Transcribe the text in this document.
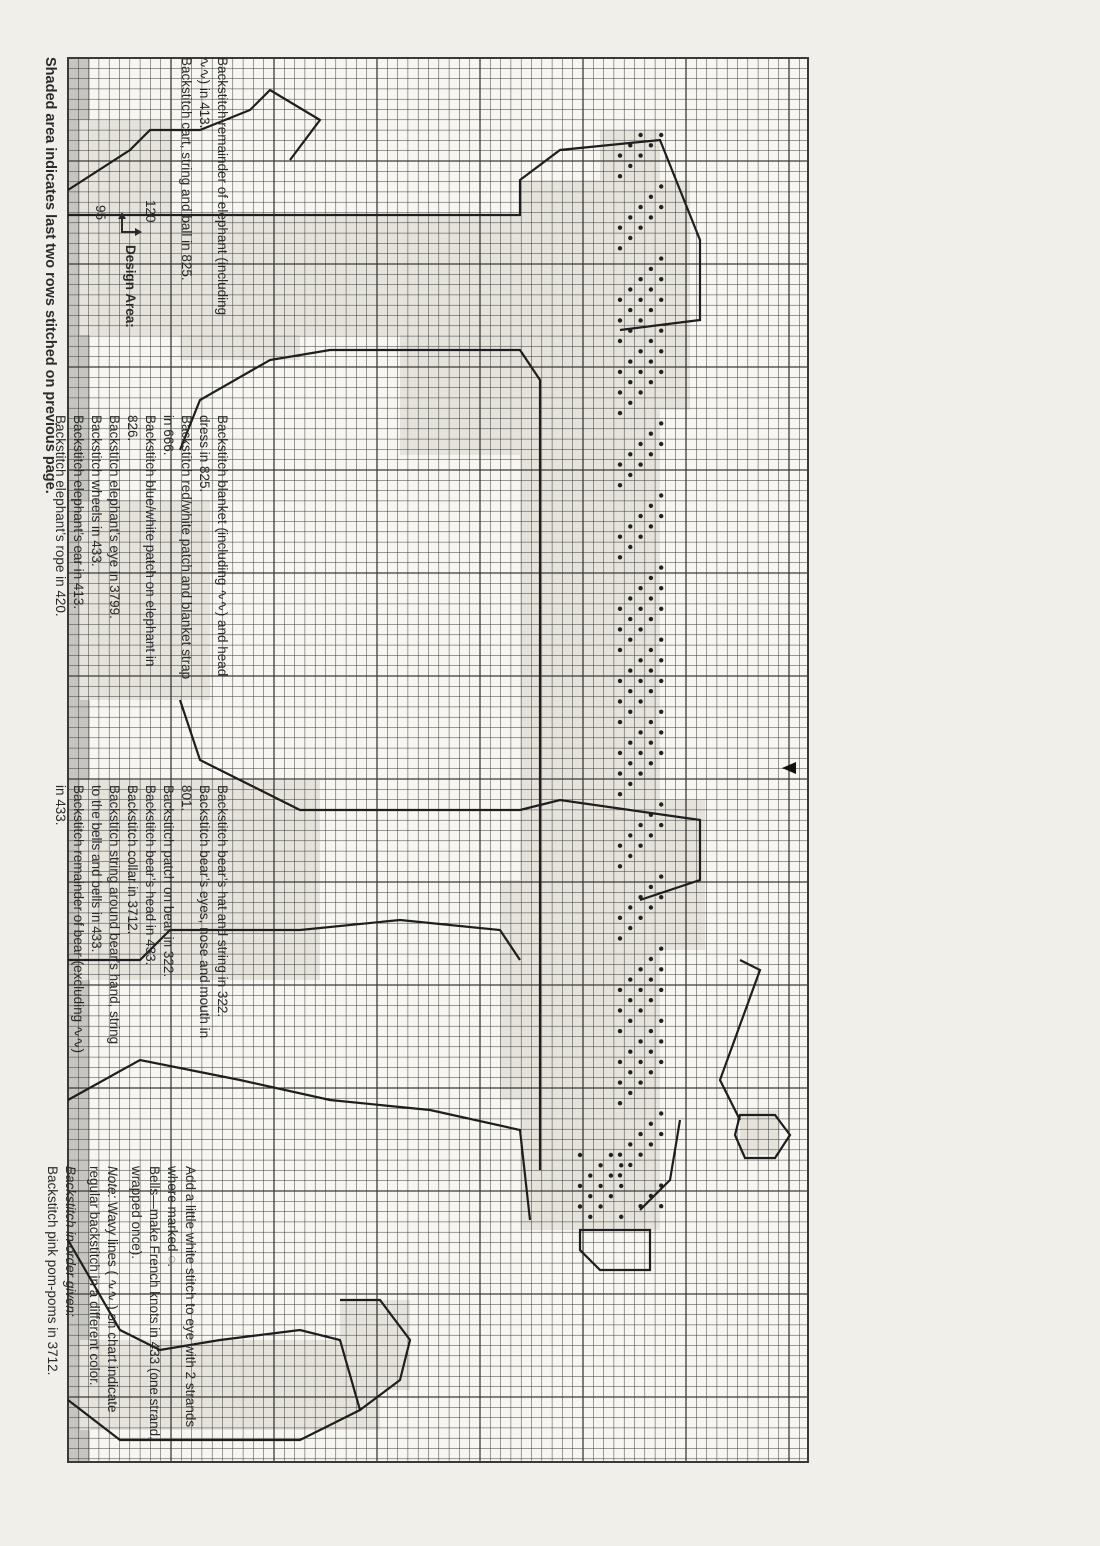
Shaded area indicates last two rows stitched on previous page.
Add a little white stitch to eye with 2 strands
where marked ◌.
Bells—make French knots in 433 (one strand,
wrapped once).
Note: Wavy lines ( ∿∿ ) on chart indicate
regular backstitch in a different color.
Backstitch in order given:
Backstitch pink pom-poms in 3712.
Backstitch bear’s hat and string in 322.
Backstitch bear’s eyes, nose and mouth in
801.
Backstitch patch on bear in 322.
Backstitch bear’s head in 433.
Backstitch collar in 3712.
Backstitch string around bear’s hand, string
to the bells and bells in 433.
Backstitch remainder of bear (excluding ∿∿)
in 433.
Backstitch blanket (including ∿∿) and head
dress in 825.
Backstitch red/white patch and blanket strap
in 666.
Backstitch blue/white patch on elephant in
826.
Backstitch elephant’s eye in 3799.
Backstitch wheels in 433.
Backstitch elephant’s ear in 413.
Backstitch elephant’s rope in 420.
Backstitch remainder of elephant (including
∿∿) in 413.
Backstitch cart, string and ball in 825.
Design Area:
120
95
